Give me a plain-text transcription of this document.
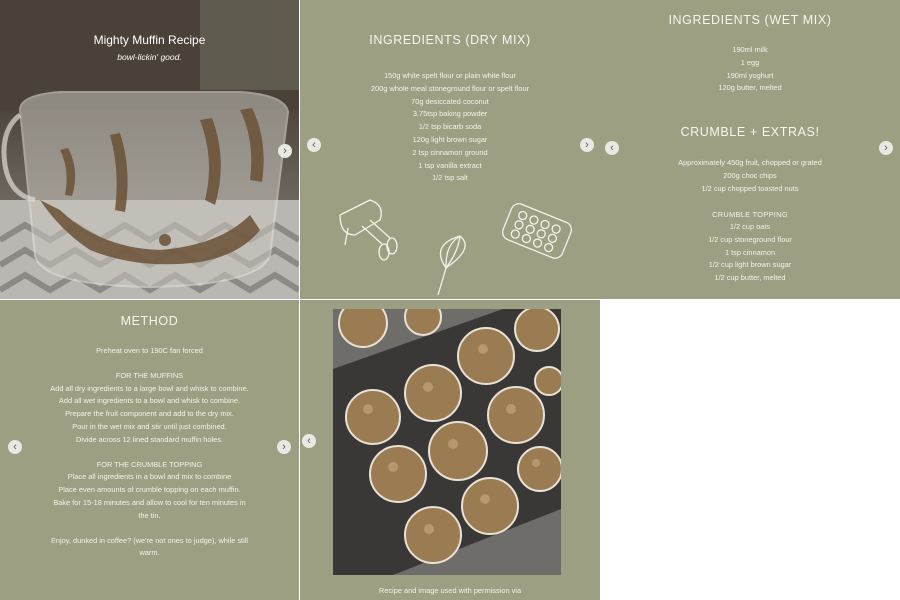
Mighty Muffin Recipe
bowl-lickin' good.
›
INGREDIENTS (DRY MIX)
150g white spelt flour or plain white flour
200g whole meal stoneground flour or spelt flour
70g desiccated coconut
3.75tsp baking powder
1/2 tsp bicarb soda
120g light brown sugar
2 tsp cinnamon ground
1 tsp vanilla extract
1/2 tsp salt
‹	›
INGREDIENTS (WET MIX)
190ml milk
1 egg
190ml yoghurt
120g butter, melted
CRUMBLE + EXTRAS!
Approximately 450g fruit, chopped or grated
200g choc chips
1/2 cup chopped toasted nuts
CRUMBLE TOPPING
1/2 cup oats
1/2 cup stoneground flour
1 tsp cinnamon
1/2 cup light brown sugar
1/2 cup butter, melted
‹	›
METHOD
Preheat oven to 190C fan forced
FOR THE MUFFINS
Add all dry ingredients to a large bowl and whisk to combine.
Add all wet ingredients to a bowl and whisk to combine.
Prepare the fruit component and add to the dry mix.
Pour in the wet mix and stir until just combined.
Divide across 12 lined standard muffin holes.
FOR THE CRUMBLE TOPPING
Place all ingredients in a bowl and mix to combine
Place even amounts of crumble topping on each muffin.
Bake for 15-18 minutes and allow to cool for ten minutes in
the tin.
Enjoy, dunked in coffee? (we're not ones to judge), while still
warm.
‹	›
Recipe and image used with permission via
‹
